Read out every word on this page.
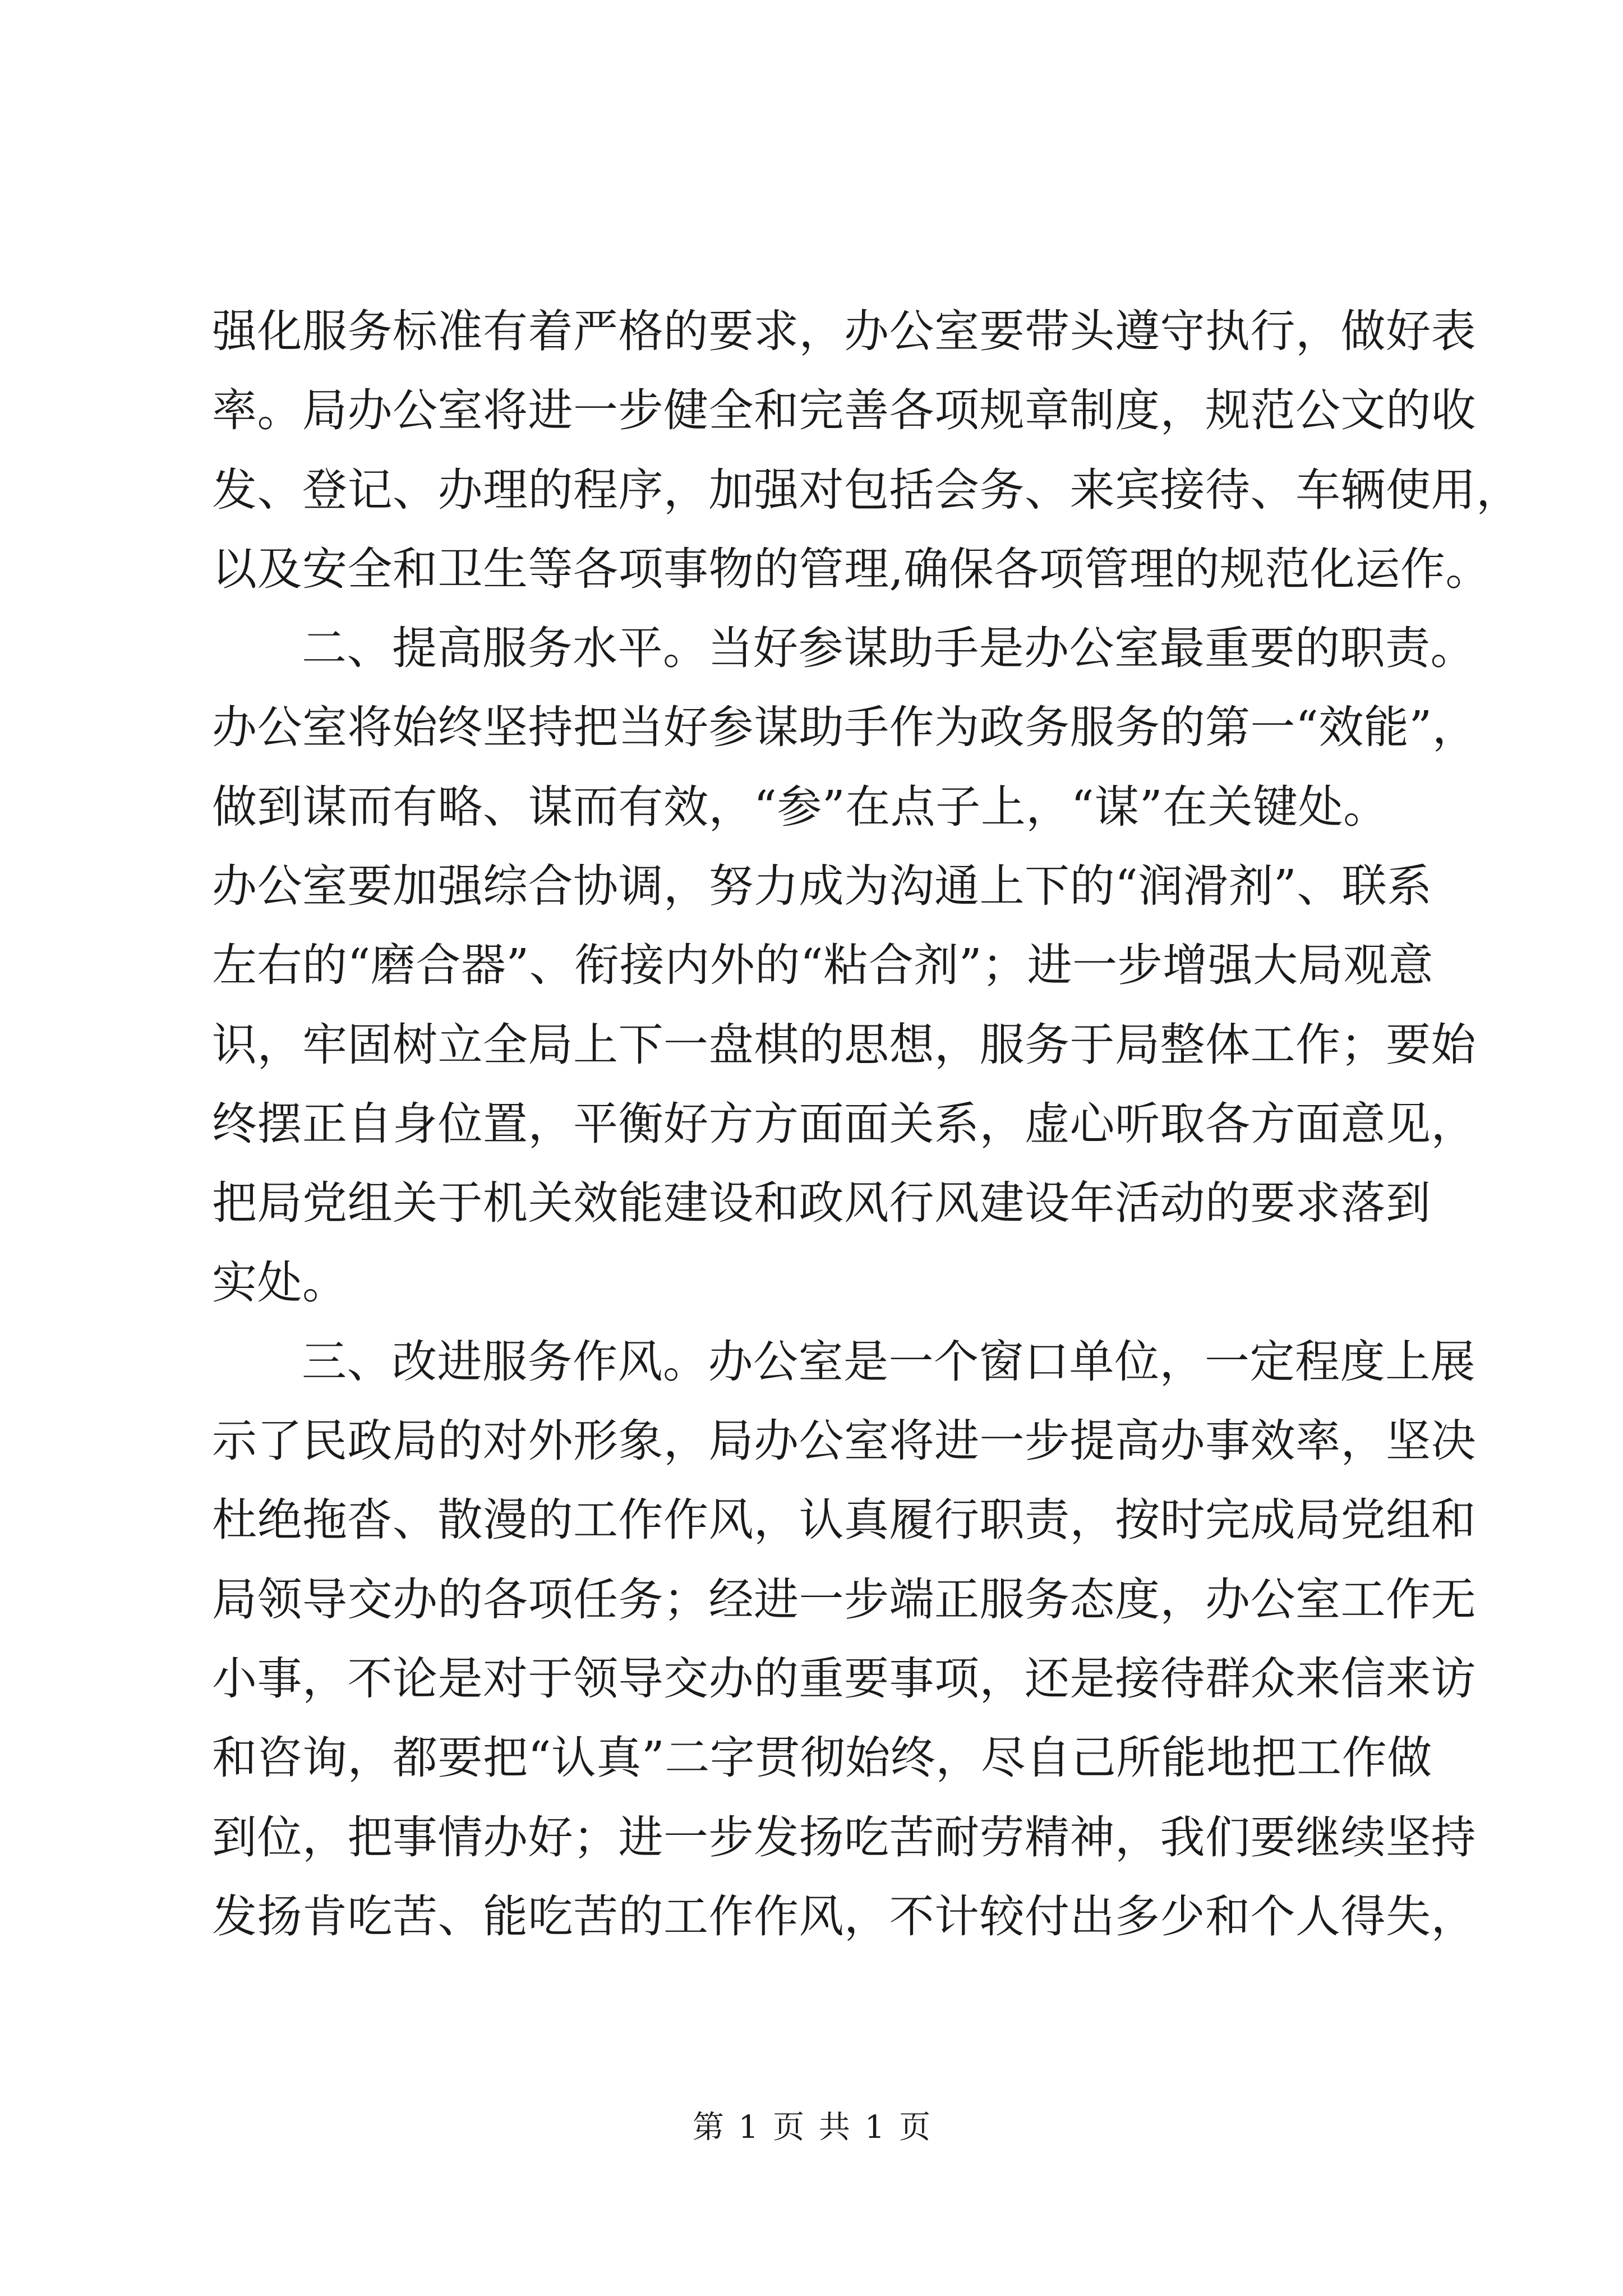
强化服务标准有着严格的要求，办公室要带头遵守执行，做好表
率。局办公室将进一步健全和完善各项规章制度，规范公文的收
发、登记、办理的程序，加强对包括会务、来宾接待、车辆使用，
以及安全和卫生等各项事物的管理,确保各项管理的规范化运作。
二、提高服务水平。当好参谋助手是办公室最重要的职责。
办公室将始终坚持把当好参谋助手作为政务服务的第一“效能”，
做到谋而有略、谋而有效，“参”在点子上，“谋”在关键处。
办公室要加强综合协调，努力成为沟通上下的“润滑剂”、联系
左右的“磨合器”、衔接内外的“粘合剂”；进一步增强大局观意
识，牢固树立全局上下一盘棋的思想，服务于局整体工作；要始
终摆正自身位置，平衡好方方面面关系，虚心听取各方面意见，
把局党组关于机关效能建设和政风行风建设年活动的要求落到
实处。
三、改进服务作风。办公室是一个窗口单位，一定程度上展
示了民政局的对外形象，局办公室将进一步提高办事效率，坚决
杜绝拖沓、散漫的工作作风，认真履行职责，按时完成局党组和
局领导交办的各项任务；经进一步端正服务态度，办公室工作无
小事，不论是对于领导交办的重要事项，还是接待群众来信来访
和咨询，都要把“认真”二字贯彻始终，尽自己所能地把工作做
到位，把事情办好；进一步发扬吃苦耐劳精神，我们要继续坚持
发扬肯吃苦、能吃苦的工作作风，不计较付出多少和个人得失，
第 1 页 共 1 页
